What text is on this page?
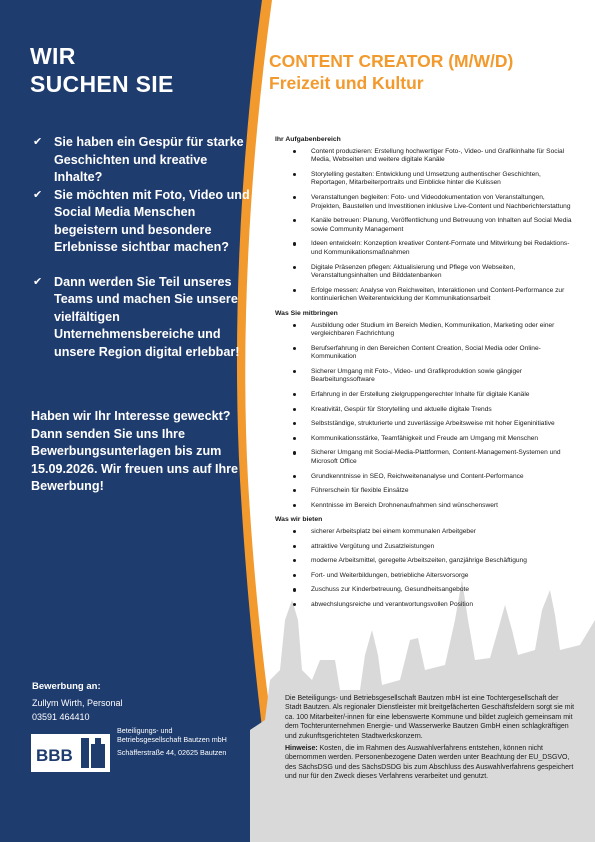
WIR
SUCHEN SIE
✔ Sie haben ein Gespür für starke Geschichten und kreative Inhalte?
✔ Sie möchten mit Foto, Video und Social Media Menschen begeistern und besondere Erlebnisse sichtbar machen?
✔ Dann werden Sie Teil unseres Teams und machen Sie unsere vielfältigen Unternehmensbereiche und unsere Region digital erlebbar!

Haben wir Ihr Interesse geweckt?

Dann senden Sie uns Ihre Bewerbungsunterlagen bis zum 15.09.2026. Wir freuen uns auf Ihre Bewerbung!

Bewerbung an:
Zullym Wirth, Personal
03591 464410
BBB
Beteiligungs- und Betriebsgesellschaft Bautzen mbH
Schäfferstraße 44, 02625 Bautzen
CONTENT CREATOR (M/W/D)
Freizeit und Kultur
Ihr Aufgabenbereich
Content produzieren: Erstellung hochwertiger Foto-, Video- und Grafikinhalte für Social Media, Webseiten und weitere digitale Kanäle
Storytelling gestalten: Entwicklung und Umsetzung authentischer Geschichten, Reportagen, Mitarbeiterportraits und Einblicke hinter die Kulissen
Veranstaltungen begleiten: Foto- und Videodokumentation von Veranstaltungen, Projekten, Baustellen und Investitionen inklusive Live-Content und Nachberichterstattung
Kanäle betreuen: Planung, Veröffentlichung und Betreuung von Inhalten auf Social Media sowie Community Management
Ideen entwickeln: Konzeption kreativer Content-Formate und Mitwirkung bei Redaktions- und Kommunikationsmaßnahmen
Digitale Präsenzen pflegen: Aktualisierung und Pflege von Webseiten, Veranstaltungsinhalten und Bilddatenbanken
Erfolge messen: Analyse von Reichweiten, Interaktionen und Content-Performance zur kontinuierlichen Weiterentwicklung der Kommunikationsarbeit
Was Sie mitbringen
Ausbildung oder Studium im Bereich Medien, Kommunikation, Marketing oder einer vergleichbaren Fachrichtung
Berufserfahrung in den Bereichen Content Creation, Social Media oder Online-Kommunikation
Sicherer Umgang mit Foto-, Video- und Grafikproduktion sowie gängiger Bearbeitungssoftware
Erfahrung in der Erstellung zielgruppengerechter Inhalte für digitale Kanäle
Kreativität, Gespür für Storytelling und aktuelle digitale Trends
Selbstständige, strukturierte und zuverlässige Arbeitsweise mit hoher Eigeninitiative
Kommunikationsstärke, Teamfähigkeit und Freude am Umgang mit Menschen
Sicherer Umgang mit Social-Media-Plattformen, Content-Management-Systemen und Microsoft Office
Grundkenntnisse in SEO, Reichweitenanalyse und Content-Performance
Führerschein für flexible Einsätze
Kenntnisse im Bereich Drohnenaufnahmen sind wünschenswert
Was wir bieten
sicherer Arbeitsplatz bei einem kommunalen Arbeitgeber
attraktive Vergütung und Zusatzleistungen
moderne Arbeitsmittel, geregelte Arbeitszeiten, ganzjährige Beschäftigung
Fort- und Weiterbildungen, betriebliche Altersvorsorge
Zuschuss zur Kinderbetreuung, Gesundheitsangebote
abwechslungsreiche und verantwortungsvollen Position

Die Beteiligungs- und Betriebsgesellschaft Bautzen mbH ist eine Tochtergesellschaft der Stadt Bautzen. Als regionaler Dienstleister mit breitgefächerten Geschäftsfeldern sorgt sie mit ca. 100 Mitarbeiter/-innen für eine lebenswerte Kommune und bildet zugleich gemeinsam mit dem Tochterunternehmen Energie- und Wasserwerke Bautzen GmbH einen schlagkräftigen und zukunftsgerichteten Stadtwerkskonzern.

Hinweise: Kosten, die im Rahmen des Auswahlverfahrens entstehen, können nicht übernommen werden. Personenbezogene Daten werden unter Beachtung der EU_DSGVO, des SächsDSG und des SächsDSDG bis zum Abschluss des Auswahlverfahrens gespeichert und nur für den Zweck dieses Verfahrens verarbeitet und genutzt.
